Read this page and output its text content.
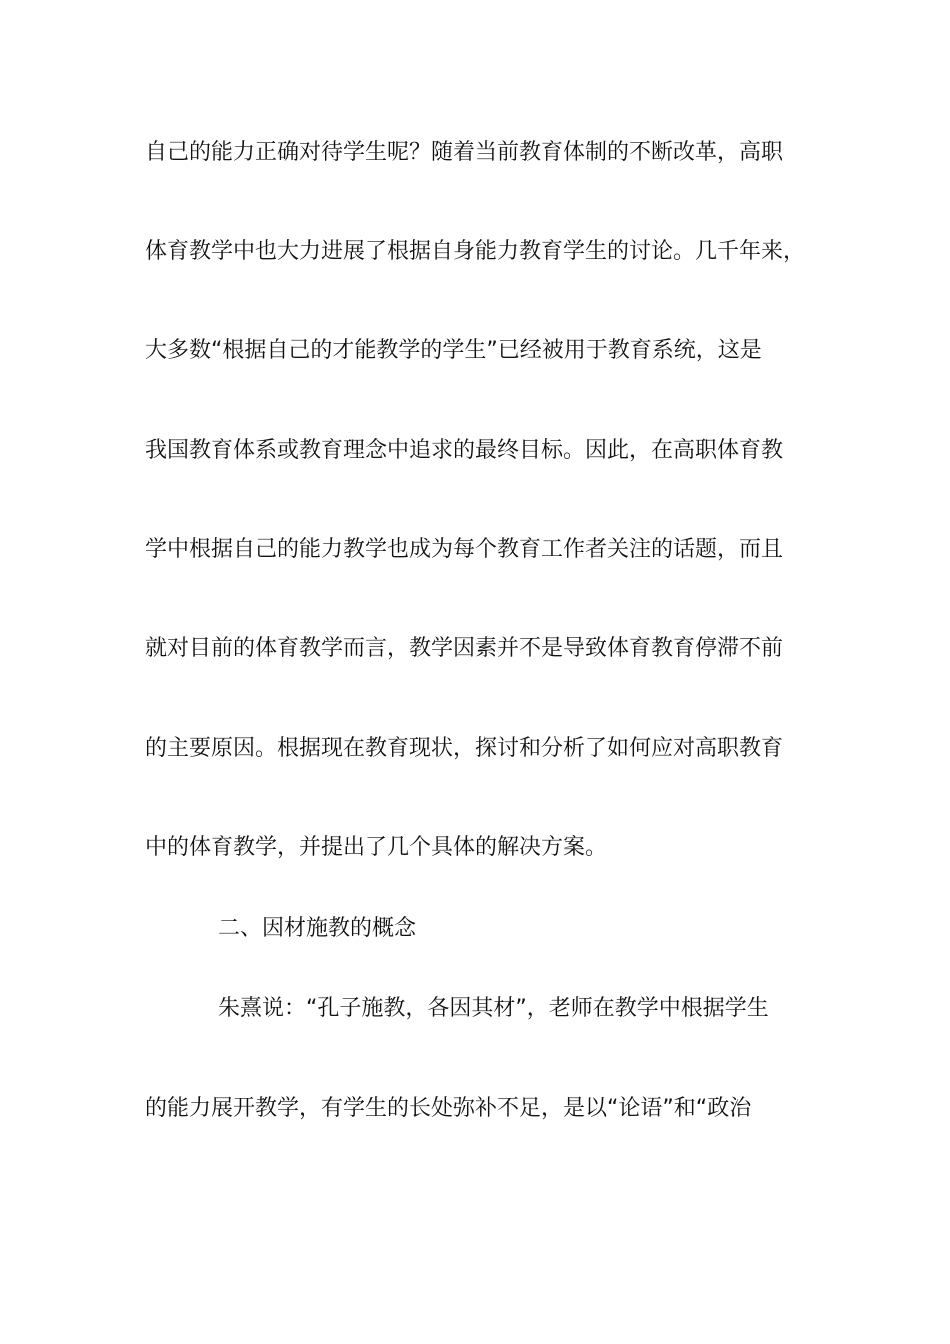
自己的能力正确对待学生呢？随着当前教育体制的不断改革，高职
体育教学中也大力进展了根据自身能力教育学生的讨论。几千年来，
大多数“根据自己的才能教学的学生”已经被用于教育系统，这是
我国教育体系或教育理念中追求的最终目标。因此，在高职体育教
学中根据自己的能力教学也成为每个教育工作者关注的话题，而且
就对目前的体育教学而言，教学因素并不是导致体育教育停滞不前
的主要原因。根据现在教育现状，探讨和分析了如何应对高职教育
中的体育教学，并提出了几个具体的解决方案。
二、因材施教的概念
朱熹说：“孔子施教，各因其材”，老师在教学中根据学生
的能力展开教学，有学生的长处弥补不足，是以“论语”和“政治
